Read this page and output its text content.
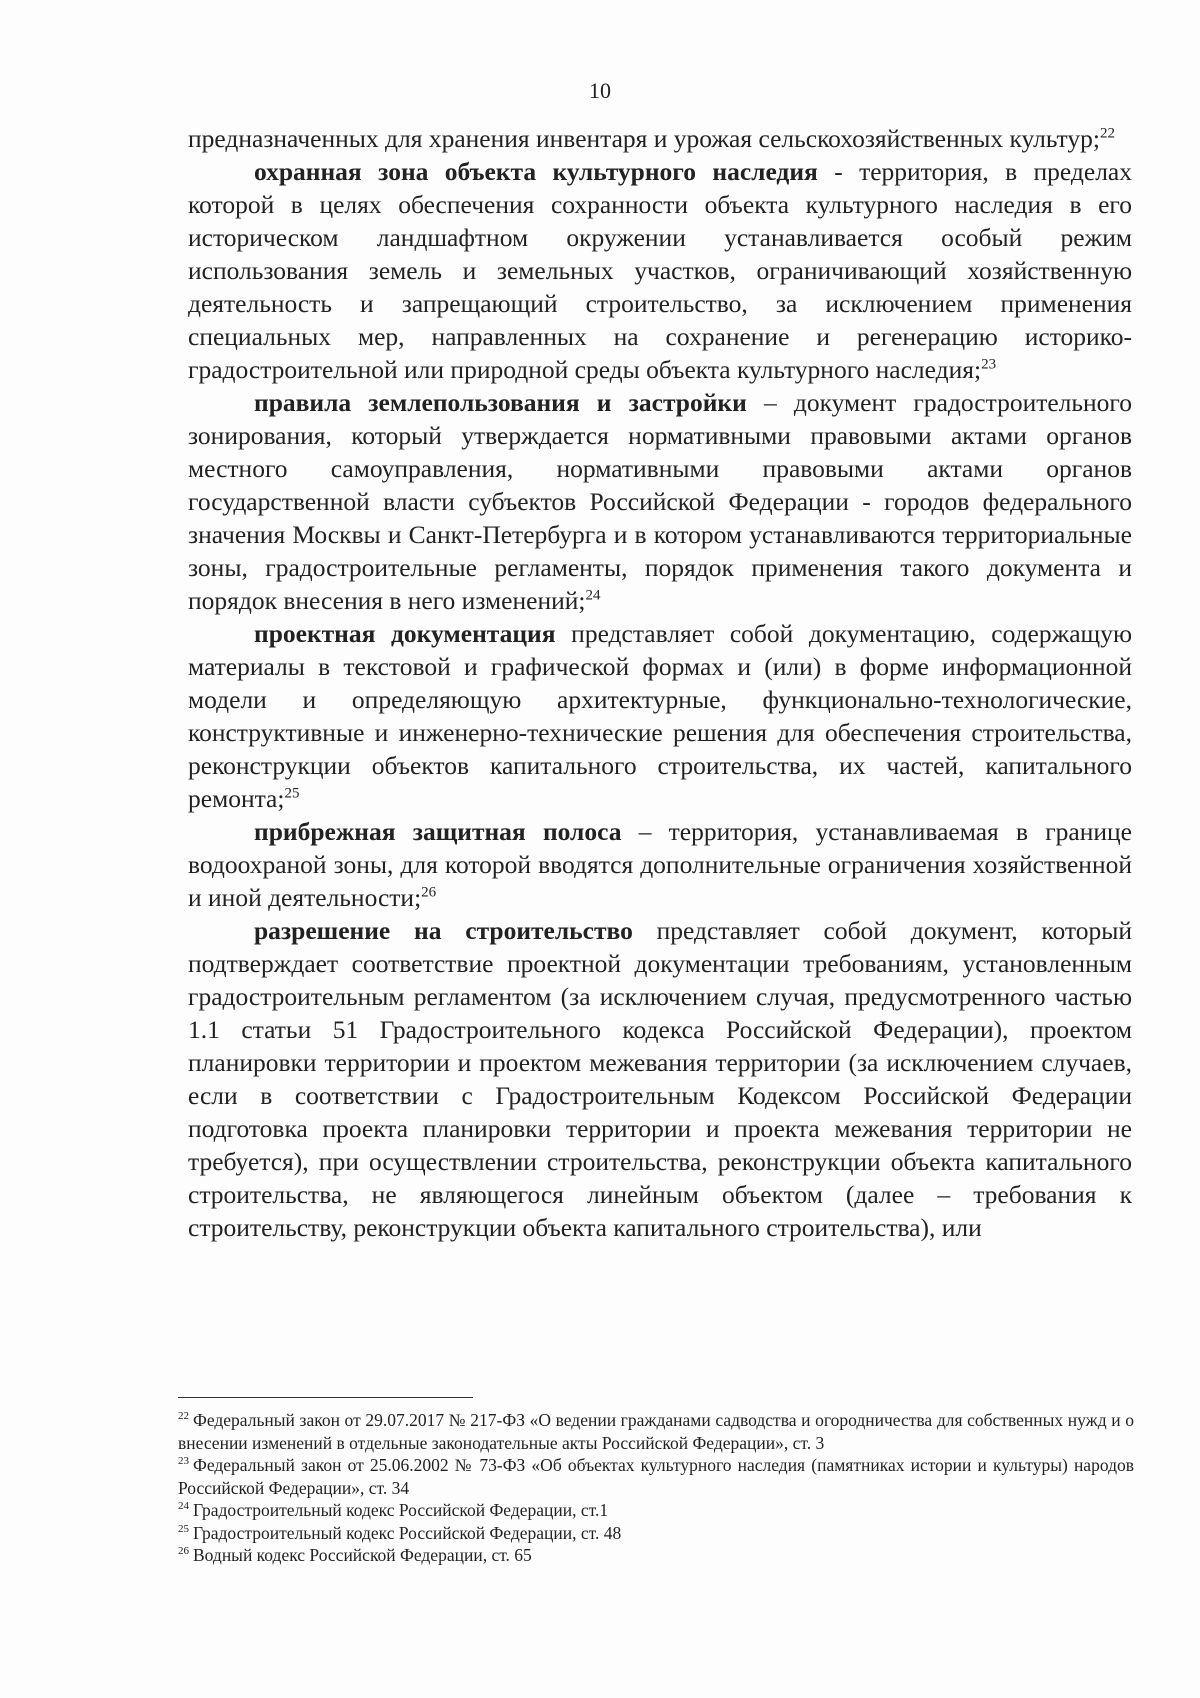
10

предназначенных для хранения инвентаря и урожая сельскохозяйственных культур;$^{22}$

охранная зона объекта культурного наследия - территория, в пределах которой в целях обеспечения сохранности объекта культурного наследия в его историческом ландшафтном окружении устанавливается особый режим использования земель и земельных участков, ограничивающий хозяйственную деятельность и запрещающий строительство, за исключением применения специальных мер, направленных на сохранение и регенерацию историко-градостроительной или природной среды объекта культурного наследия;$^{23}$

правила землепользования и застройки – документ градостроительного зонирования, который утверждается нормативными правовыми актами органов местного самоуправления, нормативными правовыми актами органов государственной власти субъектов Российской Федерации - городов федерального значения Москвы и Санкт-Петербурга и в котором устанавливаются территориальные зоны, градостроительные регламенты, порядок применения такого документа и порядок внесения в него изменений;$^{24}$

проектная документация представляет собой документацию, содержащую материалы в текстовой и графической формах и (или) в форме информационной модели и определяющую архитектурные, функционально-технологические, конструктивные и инженерно-технические решения для обеспечения строительства, реконструкции объектов капитального строительства, их частей, капитального ремонта;$^{25}$

прибрежная защитная полоса – территория, устанавливаемая в границе водоохраной зоны, для которой вводятся дополнительные ограничения хозяйственной и иной деятельности;$^{26}$

разрешение на строительство представляет собой документ, который подтверждает соответствие проектной документации требованиям, установленным градостроительным регламентом (за исключением случая, предусмотренного частью 1.1 статьи 51 Градостроительного кодекса Российской Федерации), проектом планировки территории и проектом межевания территории (за исключением случаев, если в соответствии с Градостроительным Кодексом Российской Федерации подготовка проекта планировки территории и проекта межевания территории не требуется), при осуществлении строительства, реконструкции объекта капитального строительства, не являющегося линейным объектом (далее – требования к строительству, реконструкции объекта капитального строительства), или

$^{22}$ Федеральный закон от 29.07.2017 № 217-ФЗ «О ведении гражданами садводства и огородничества для собственных нужд и о внесении изменений в отдельные законодательные акты Российской Федерации», ст. 3

$^{23}$ Федеральный закон от 25.06.2002 № 73-ФЗ «Об объектах культурного наследия (памятниках истории и культуры) народов Российской Федерации», ст. 34

$^{24}$ Градостроительный кодекс Российской Федерации, ст.1

$^{25}$ Градостроительный кодекс Российской Федерации, ст. 48

$^{26}$ Водный кодекс Российской Федерации, ст. 65
